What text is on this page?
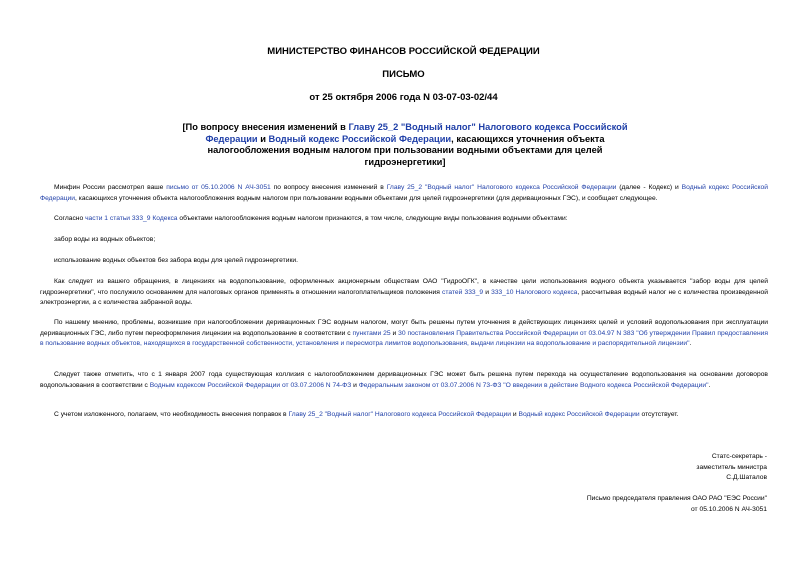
МИНИСТЕРСТВО ФИНАНСОВ РОССИЙСКОЙ ФЕДЕРАЦИИ
ПИСЬМО
от 25 октября 2006 года N 03-07-03-02/44
[По вопросу внесения изменений в Главу 25_2 "Водный налог" Налогового кодекса Российской Федерации и Водный кодекс Российской Федерации, касающихся уточнения объекта налогообложения водным налогом при пользовании водными объектами для целей гидроэнергетики]

Минфин России рассмотрел ваше письмо от 05.10.2006 N АЧ-3051 по вопросу внесения изменений в Главу 25_2 "Водный налог" Налогового кодекса Российской Федерации (далее - Кодекс) и Водный кодекс Российской Федерации, касающихся уточнения объекта налогообложения водным налогом при пользовании водными объектами для целей гидроэнергетики (для деривационных ГЭС), и сообщает следующее.

Согласно части 1 статьи 333_9 Кодекса объектами налогообложения водным налогом признаются, в том числе, следующие виды пользования водными объектами:

забор воды из водных объектов;

использование водных объектов без забора воды для целей гидроэнергетики.

Как следует из вашего обращения, в лицензиях на водопользование, оформленных акционерным обществам ОАО "ГидроОГК", в качестве цели использования водного объекта указывается "забор воды для целей гидроэнергетики", что послужило основанием для налоговых органов применять в отношении налогоплательщиков положения статей 333_9 и 333_10 Налогового кодекса, рассчитывая водный налог не с количества произведенной электроэнергии, а с количества забранной воды.

По нашему мнению, проблемы, возникшие при налогообложении деривационных ГЭС водным налогом, могут быть решены путем уточнения в действующих лицензиях целей и условий водопользования при эксплуатации деривационных ГЭС, либо путем переоформления лицензии на водопользование в соответствии с пунктами 25 и 30 постановления Правительства Российской Федерации от 03.04.97 N 383 "Об утверждении Правил предоставления в пользование водных объектов, находящихся в государственной собственности, установления и пересмотра лимитов водопользования, выдачи лицензии на водопользование и распорядительной лицензии".

Следует также отметить, что с 1 января 2007 года существующая коллизия с налогообложением деривационных ГЭС может быть решена путем перехода на осуществление водопользования на основании договоров водопользования в соответствии с Водным кодексом Российской Федерации от 03.07.2006 N 74-ФЗ и Федеральным законом от 03.07.2006 N 73-ФЗ "О введении в действие Водного кодекса Российской Федерации".

С учетом изложенного, полагаем, что необходимость внесения поправок в Главу 25_2 "Водный налог" Налогового кодекса Российской Федерации и Водный кодекс Российской Федерации отсутствует.

Статс-секретарь -
заместитель министра
С.Д.Шаталов
Письмо председателя правления ОАО РАО "ЕЭС России"
от 05.10.2006 N АЧ-3051
